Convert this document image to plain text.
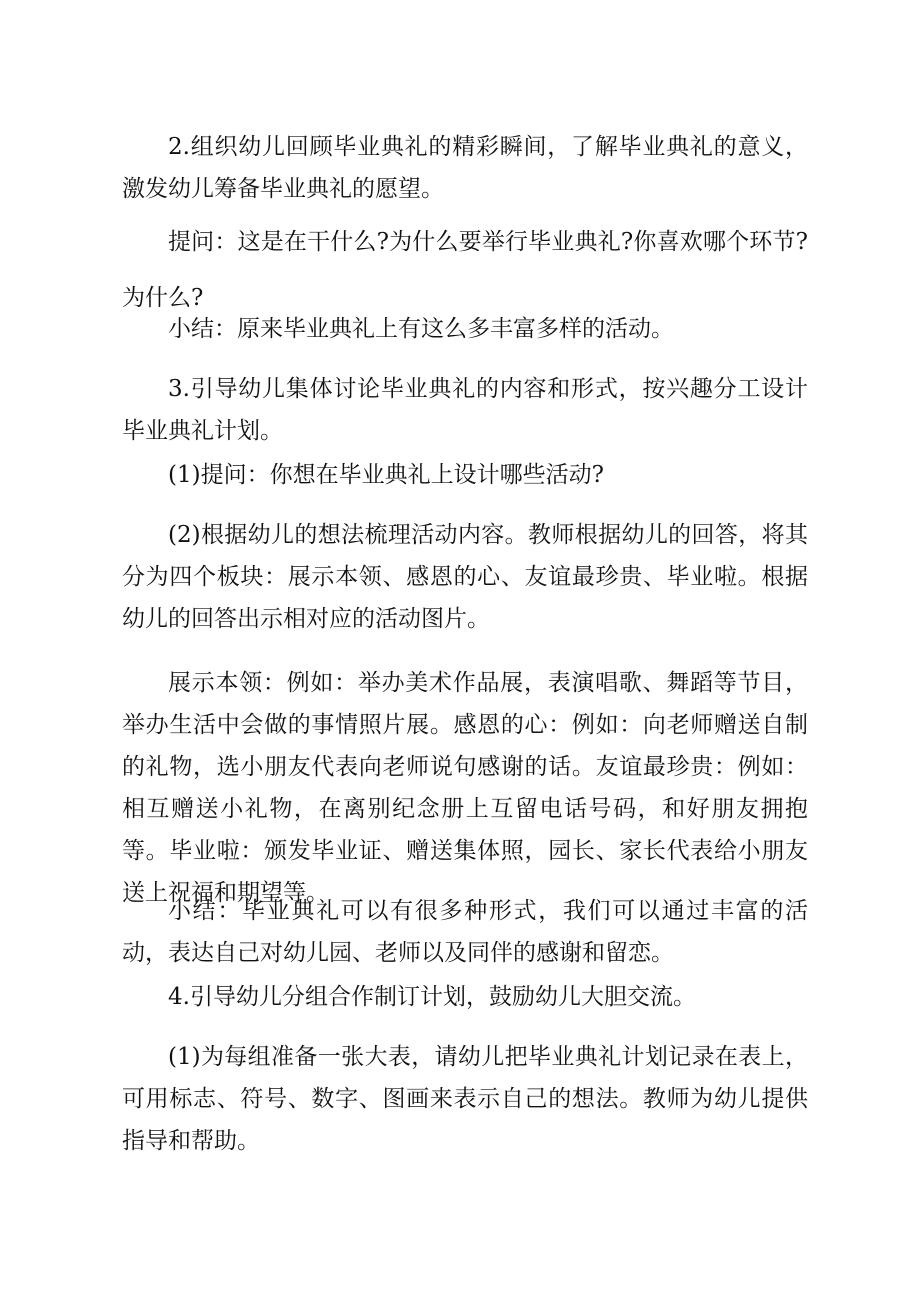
2.组织幼儿回顾毕业典礼的精彩瞬间，了解毕业典礼的意义，激发幼儿筹备毕业典礼的愿望。

提问：这是在干什么?为什么要举行毕业典礼?你喜欢哪个环节?为什么?

小结：原来毕业典礼上有这么多丰富多样的活动。

3.引导幼儿集体讨论毕业典礼的内容和形式，按兴趣分工设计毕业典礼计划。

(1)提问：你想在毕业典礼上设计哪些活动?

(2)根据幼儿的想法梳理活动内容。教师根据幼儿的回答，将其分为四个板块：展示本领、感恩的心、友谊最珍贵、毕业啦。根据幼儿的回答出示相对应的活动图片。

展示本领：例如：举办美术作品展，表演唱歌、舞蹈等节目，举办生活中会做的事情照片展。感恩的心：例如：向老师赠送自制的礼物，选小朋友代表向老师说句感谢的话。友谊最珍贵：例如：相互赠送小礼物，在离别纪念册上互留电话号码，和好朋友拥抱等。毕业啦：颁发毕业证、赠送集体照，园长、家长代表给小朋友送上祝福和期望等。

小结：毕业典礼可以有很多种形式，我们可以通过丰富的活动，表达自己对幼儿园、老师以及同伴的感谢和留恋。

4.引导幼儿分组合作制订计划，鼓励幼儿大胆交流。

(1)为每组准备一张大表，请幼儿把毕业典礼计划记录在表上，可用标志、符号、数字、图画来表示自己的想法。教师为幼儿提供指导和帮助。
